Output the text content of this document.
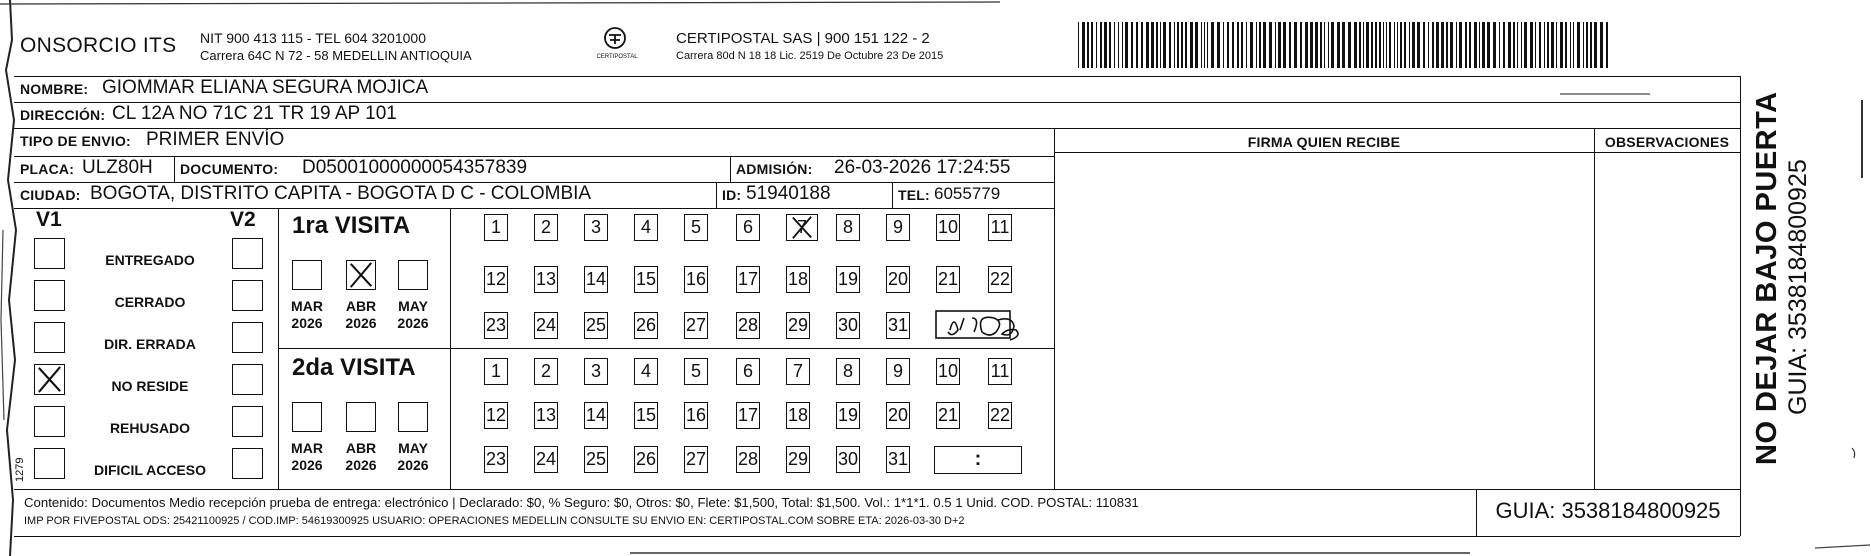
ONSORCIO ITS NIT 900 413 115 - TEL 604 3201000
Carrera 64C N 72 - 58 MEDELLIN ANTIOQUIA	CERTIPOSTAL
CERTIPOSTAL SAS | 900 151 122 - 2
Carrera 80d N 18 18 Lic. 2519 De Octubre 23 De 2015
NOMBRE: GIOMMAR ELIANA SEGURA MOJICA
DIRECCIÓN: CL 12A NO 71C 21 TR 19 AP 101
TIPO DE ENVIO: PRIMER ENVÍO
PLACA: ULZ80H DOCUMENTO: D05001000000054357839	ADMISIÓN: 26-03-2026 17:24:55
CIUDAD: BOGOTA, DISTRITO CAPITA - BOGOTA D C - COLOMBIA	ID: 51940188	TEL: 6055779
FIRMA QUIEN RECIBE	OBSERVACIONES
V1	V2
ENTREGADO
CERRADO
DIR. ERRADA
NO RESIDE
REHUSADO
DIFICIL ACCESO
1ra VISITA
2da VISITA
MAR
2026
ABR
2026
MAY
2026
MAR
2026
ABR
2026
MAY
2026
1	2	3	4	5	6	7	8	9	10 11
12 13 14 15 16 17 18 19 20 21 22
23 24 25 26 27 28 29 30 31
1	2	3	4	5	6	7	8	9	10 11
12 13 14 15 16 17 18 19 20 21 22
23 24 25 26 27 28 29 30 31	:
Contenido: Documentos Medio recepción prueba de entrega: electrónico | Declarado: $0, % Seguro: $0, Otros: $0, Flete: $1,500, Total: $1,500. Vol.: 1*1*1. 0.5 1 Unid. COD. POSTAL: 110831
IMP POR FIVEPOSTAL ODS: 25421100925 / COD.IMP: 54619300925 USUARIO: OPERACIONES MEDELLIN CONSULTE SU ENVIO EN: CERTIPOSTAL.COM SOBRE ETA: 2026-03-30 D+2	GUIA: 3538184800925
NO DEJAR BAJO PUERTA GUIA: 3538184800925
1279
